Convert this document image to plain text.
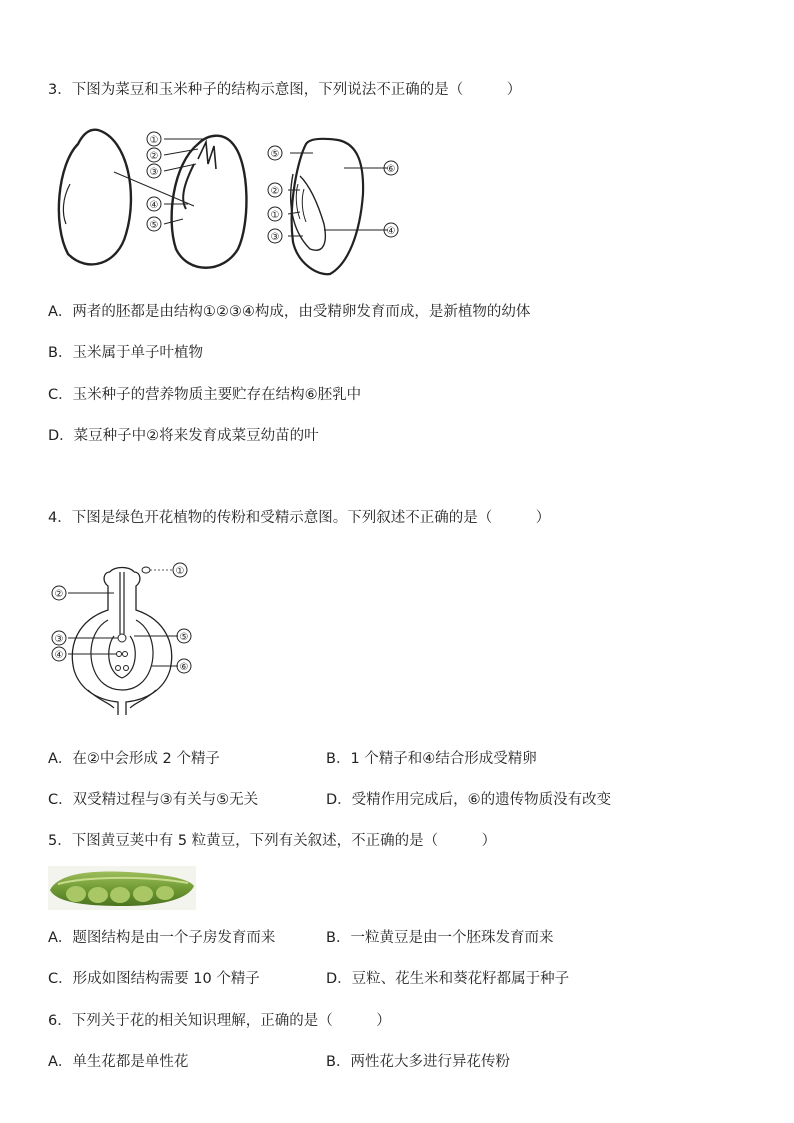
3．下图为菜豆和玉米种子的结构示意图，下列说法不正确的是（　　　）
①
②
③
④
⑤
⑤
⑥
②
①
③
④
A．两者的胚都是由结构①②③④构成，由受精卵发育而成，是新植物的幼体
B．玉米属于单子叶植物
C．玉米种子的营养物质主要贮存在结构⑥胚乳中
D．菜豆种子中②将来发育成菜豆幼苗的叶
4．下图是绿色开花植物的传粉和受精示意图。下列叙述不正确的是（　　　）
①
②
③
④
⑤
⑥
A．在②中会形成 2 个精子	B．1 个精子和④结合形成受精卵
C．双受精过程与③有关与⑤无关	D．受精作用完成后，⑥的遗传物质没有改变
5．下图黄豆荚中有 5 粒黄豆，下列有关叙述，不正确的是（　　　）
A．题图结构是由一个子房发育而来	B．一粒黄豆是由一个胚珠发育而来
C．形成如图结构需要 10 个精子	D．豆粒、花生米和葵花籽都属于种子
6．下列关于花的相关知识理解，正确的是（　　　）
A．单生花都是单性花	B．两性花大多进行异花传粉
